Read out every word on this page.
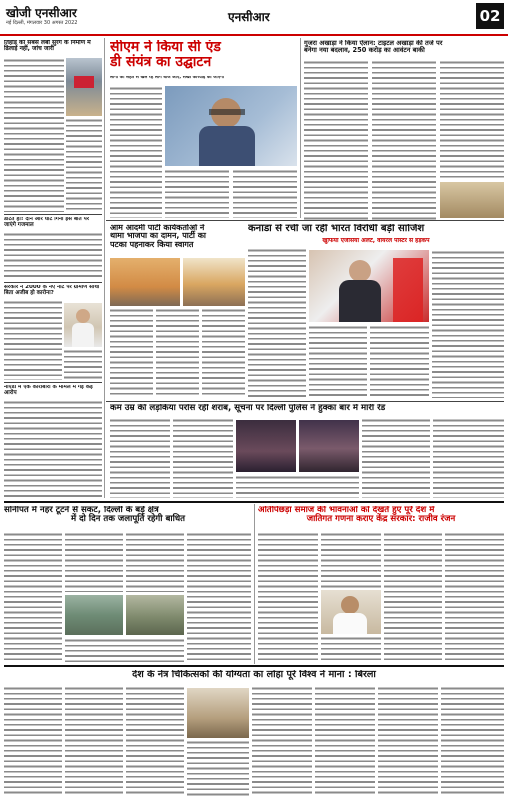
खोजी एनसीआर
नई दिल्ली, मंगलवार 30 अगस्त 2022	एनसीआर	02
तिहाड़ की सबसे लंबी सुरंग के निर्माण में ढिलाई नहीं, जांच जारी
डांटते हो! दान और घाट गिना इस बात पर जाएंगे गजमाल
सरकार ने 2000 के नए नोट पर ग्रामीण साथी बिता अजीब हो कारोना?
नोएडा में एक कारोबारी के मामले में गई कई आरोप
सीएम ने किया सी एंड
डी संयंत्र का उद्घाटन
लोगों की सेहत से खेल रहे लोग बाज आएं, सख्त कार्रवाई की जाएगी
गुजरा अखाड़ा ने किया ऐलान: टाइटल अखाड़ा की तर्ज पर
बनेगा नया बदलाव, 250 करोड़ का आवंटन बाकी
आम आदमी पार्टी कार्यकर्ताओं ने
थामा भाजपा का दामन, पार्टी का
पटका पहनाकर किया स्वागत
कनाडा से रची जा रही भारत विरोधी बड़ी साजिश
खुफिया एजेंसियां अलर्ट, वायरल पोस्टर से हड़कंप
कम उम्र की लड़कियां परोस रहीं शराब, सूचना पर दिल्ली पुलिस ने हुक्का बार में मारी रेड
सोनीपत में नहर टूटने से संकट, दिल्ली के बड़े क्षेत्र
में दो दिन तक जलापूर्ति रहेगी बाधित
अतिपिछड़ा समाज की भावनाओं को देखते हुए पूरे देश में
जातिगत गणना कराए केंद्र सरकार: राजीव रंजन
देश के नेत्र चिकित्सकों की योग्यता का लोहा पूरे विश्व ने माना : बिरला
